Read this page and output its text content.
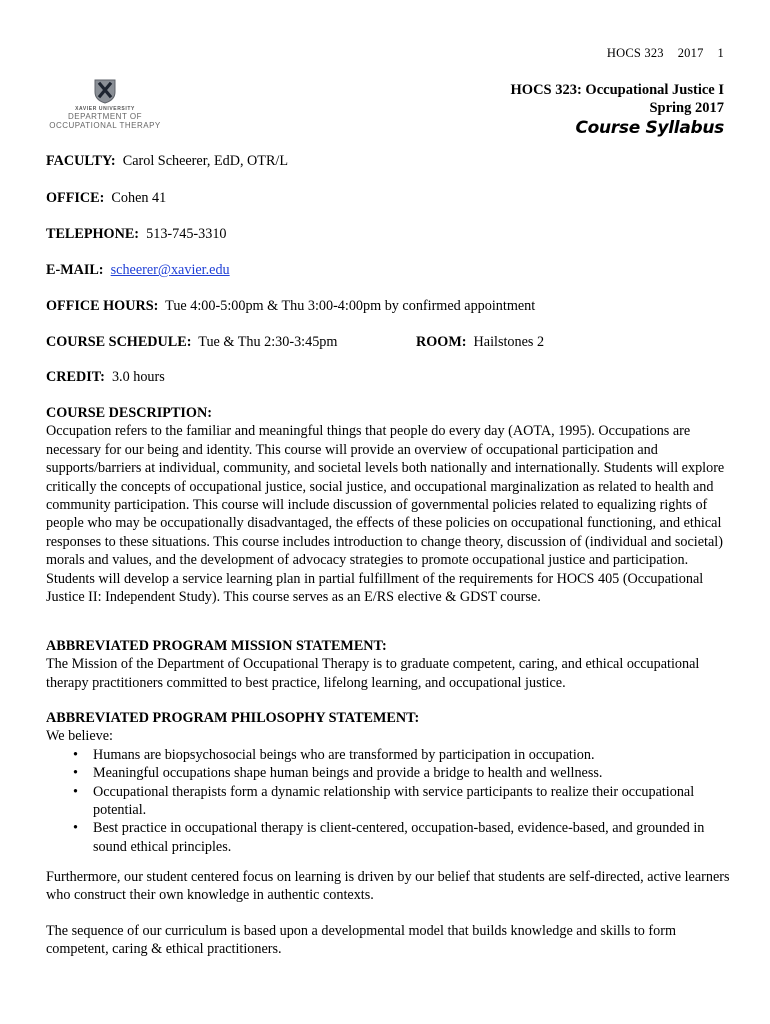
HOCS 323 2017 1
XAVIER UNIVERSITY
DEPARTMENT OF
OCCUPATIONAL THERAPY
HOCS 323: Occupational Justice I
Spring 2017
Course Syllabus
FACULTY: Carol Scheerer, EdD, OTR/L
OFFICE: Cohen 41
TELEPHONE: 513-745-3310
E-MAIL: scheerer@xavier.edu
OFFICE HOURS: Tue 4:00-5:00pm & Thu 3:00-4:00pm by confirmed appointment
COURSE SCHEDULE: Tue & Thu 2:30-3:45pm	ROOM: Hailstones 2
CREDIT: 3.0 hours
COURSE DESCRIPTION:

Occupation refers to the familiar and meaningful things that people do every day (AOTA, 1995). Occupations are necessary for our being and identity. This course will provide an overview of occupational participation and supports/barriers at individual, community, and societal levels both nationally and internationally. Students will explore critically the concepts of occupational justice, social justice, and occupational marginalization as related to health and community participation. This course will include discussion of governmental policies related to equalizing rights of people who may be occupationally disadvantaged, the effects of these policies on occupational functioning, and ethical responses to these situations. This course includes introduction to change theory, discussion of (individual and societal) morals and values, and the development of advocacy strategies to promote occupational justice and participation. Students will develop a service learning plan in partial fulfillment of the requirements for HOCS 405 (Occupational Justice II: Independent Study). This course serves as an E/RS elective & GDST course.

ABBREVIATED PROGRAM MISSION STATEMENT:

The Mission of the Department of Occupational Therapy is to graduate competent, caring, and ethical occupational therapy practitioners committed to best practice, lifelong learning, and occupational justice.

ABBREVIATED PROGRAM PHILOSOPHY STATEMENT:

We believe:

• Humans are biopsychosocial beings who are transformed by participation in occupation.
• Meaningful occupations shape human beings and provide a bridge to health and wellness.
• Occupational therapists form a dynamic relationship with service participants to realize their occupational potential.
• Best practice in occupational therapy is client-centered, occupation-based, evidence-based, and grounded in sound ethical principles.

Furthermore, our student centered focus on learning is driven by our belief that students are self-directed, active learners who construct their own knowledge in authentic contexts.

The sequence of our curriculum is based upon a developmental model that builds knowledge and skills to form competent, caring & ethical practitioners.
